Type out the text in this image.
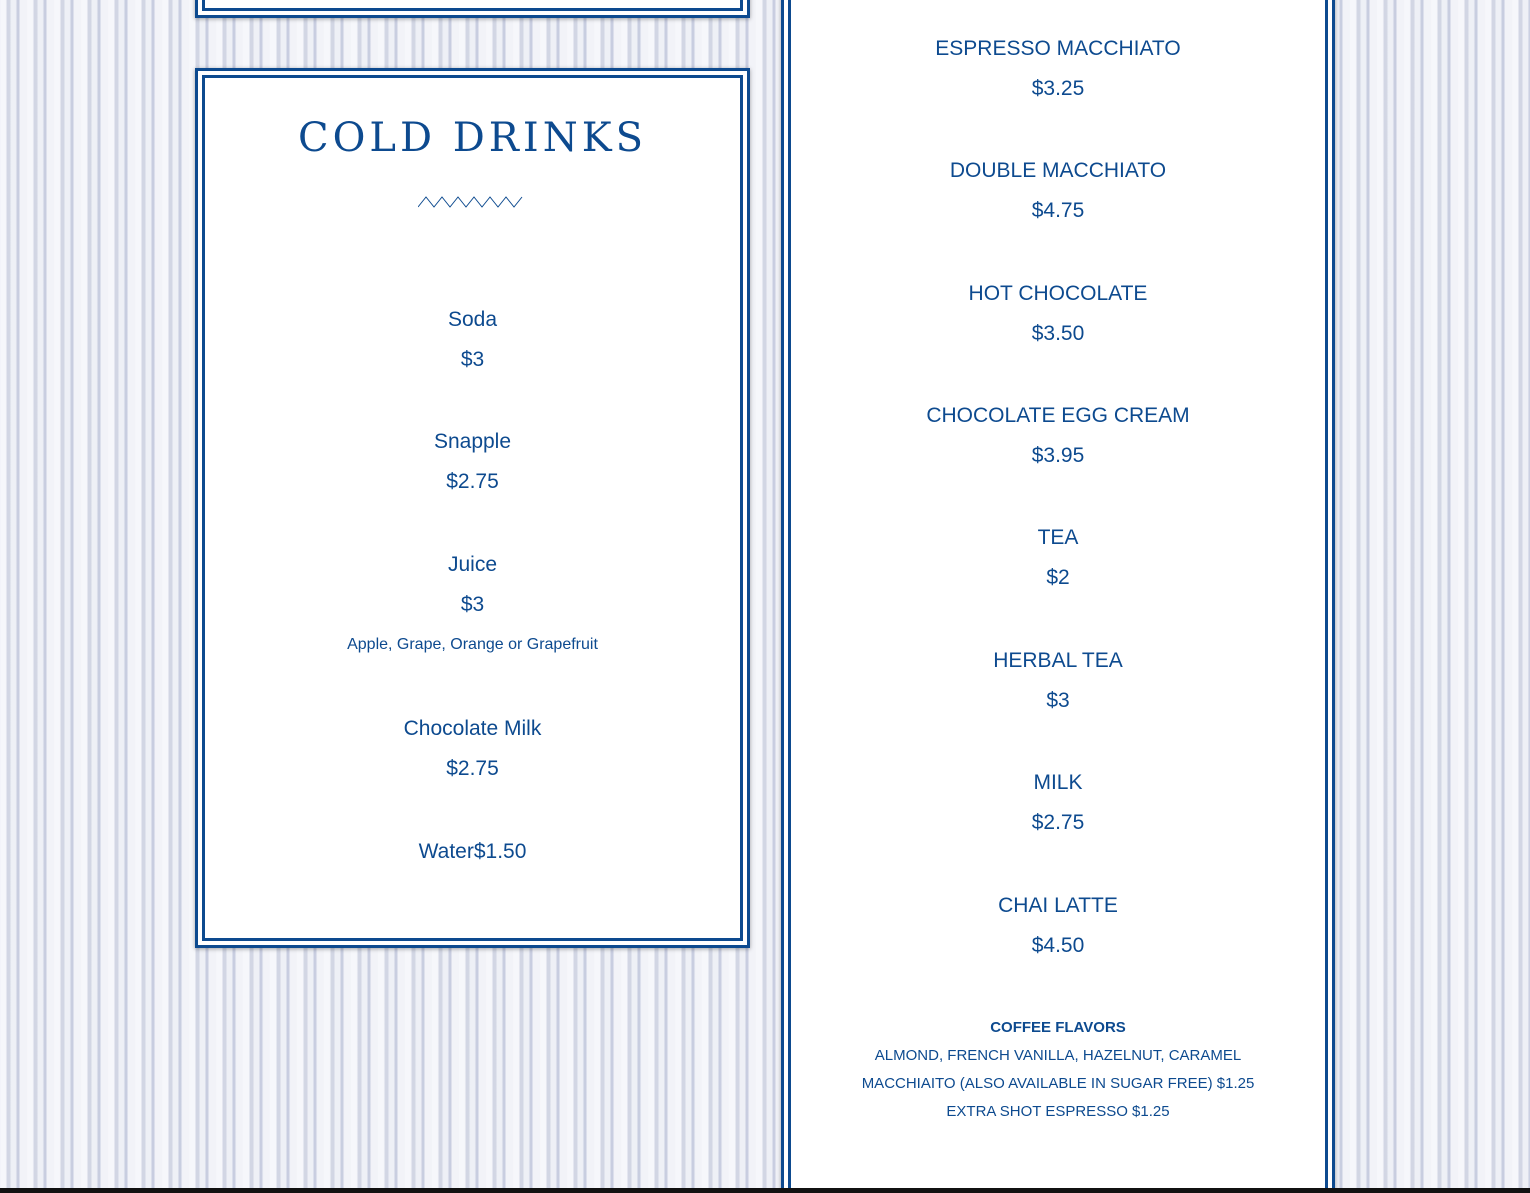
COLD DRINKS
Soda
$3
Snapple
$2.75
Juice
$3
Apple, Grape, Orange or Grapefruit
Chocolate Milk
$2.75
Water$1.50
ESPRESSO MACCHIATO
$3.25
DOUBLE MACCHIATO
$4.75
HOT CHOCOLATE
$3.50
CHOCOLATE EGG CREAM
$3.95
TEA
$2
HERBAL TEA
$3
MILK
$2.75
CHAI LATTE
$4.50
COFFEE FLAVORS
ALMOND, FRENCH VANILLA, HAZELNUT, CARAMEL
MACCHIAITO (ALSO AVAILABLE IN SUGAR FREE) $1.25
EXTRA SHOT ESPRESSO $1.25
